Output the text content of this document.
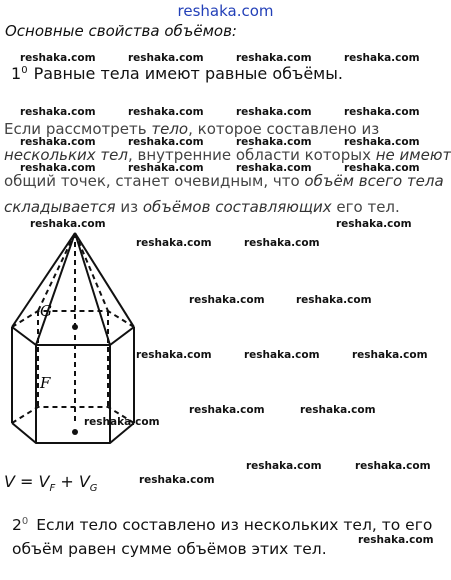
reshaka.com
Основные свойства объёмов:
reshaka.com	reshaka.com	reshaka.com	reshaka.com
$1^0$ Равные тела имеют равные объёмы.
reshaka.com	reshaka.com	reshaka.com	reshaka.com
Если рассмотреть тело, которое составлено из
reshaka.com	reshaka.com	reshaka.com	reshaka.com
нескольких тел, внутренние области которых не имеют
reshaka.com	reshaka.com	reshaka.com	reshaka.com
общий точек, станет очевидным, что объём всего тела
складывается из объёмов составляющих его тел.
G
F
reshaka.com	reshaka.com
reshaka.com	reshaka.com
reshaka.com	reshaka.com
reshaka.com	reshaka.com	reshaka.com
reshaka.com	reshaka.com
reshaka.com
reshaka.com	reshaka.com
reshaka.com
$V = V_F + V_G$
$2^0$ Если тело составлено из нескольких тел, то его
reshaka.com
объём равен сумме объёмов этих тел.
